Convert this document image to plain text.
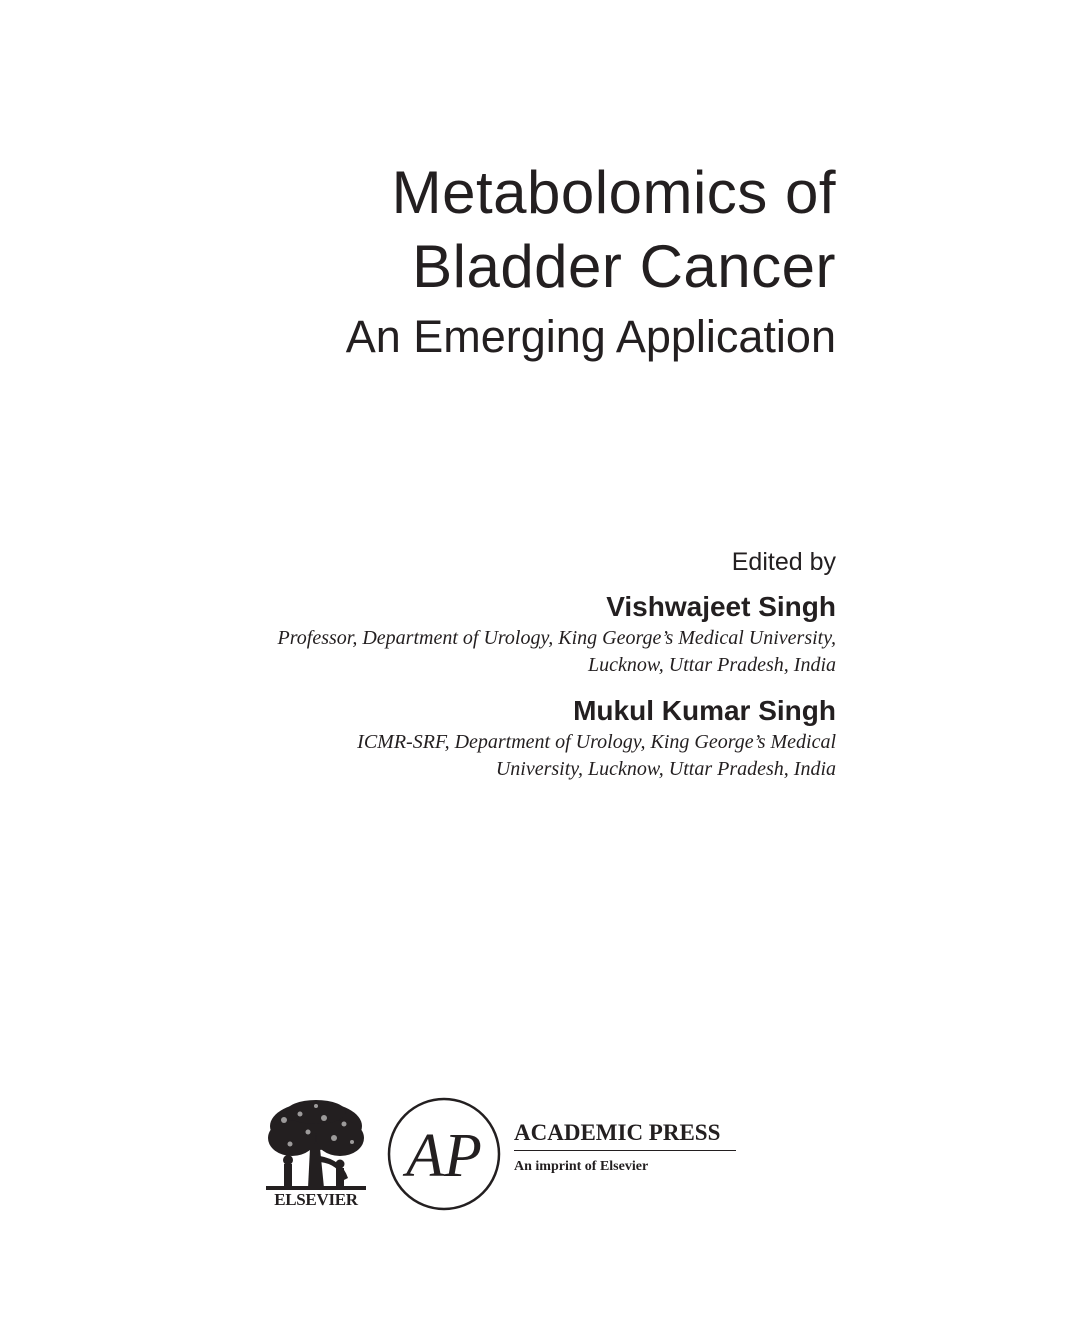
Metabolomics of
Bladder Cancer
An Emerging Application
Edited by
Vishwajeet Singh
Professor, Department of Urology, King George’s Medical University,
Lucknow, Uttar Pradesh, India
Mukul Kumar Singh
ICMR-SRF, Department of Urology, King George’s Medical
University, Lucknow, Uttar Pradesh, India
ELSEVIER
AP ACADEMIC PRESS
An imprint of Elsevier
